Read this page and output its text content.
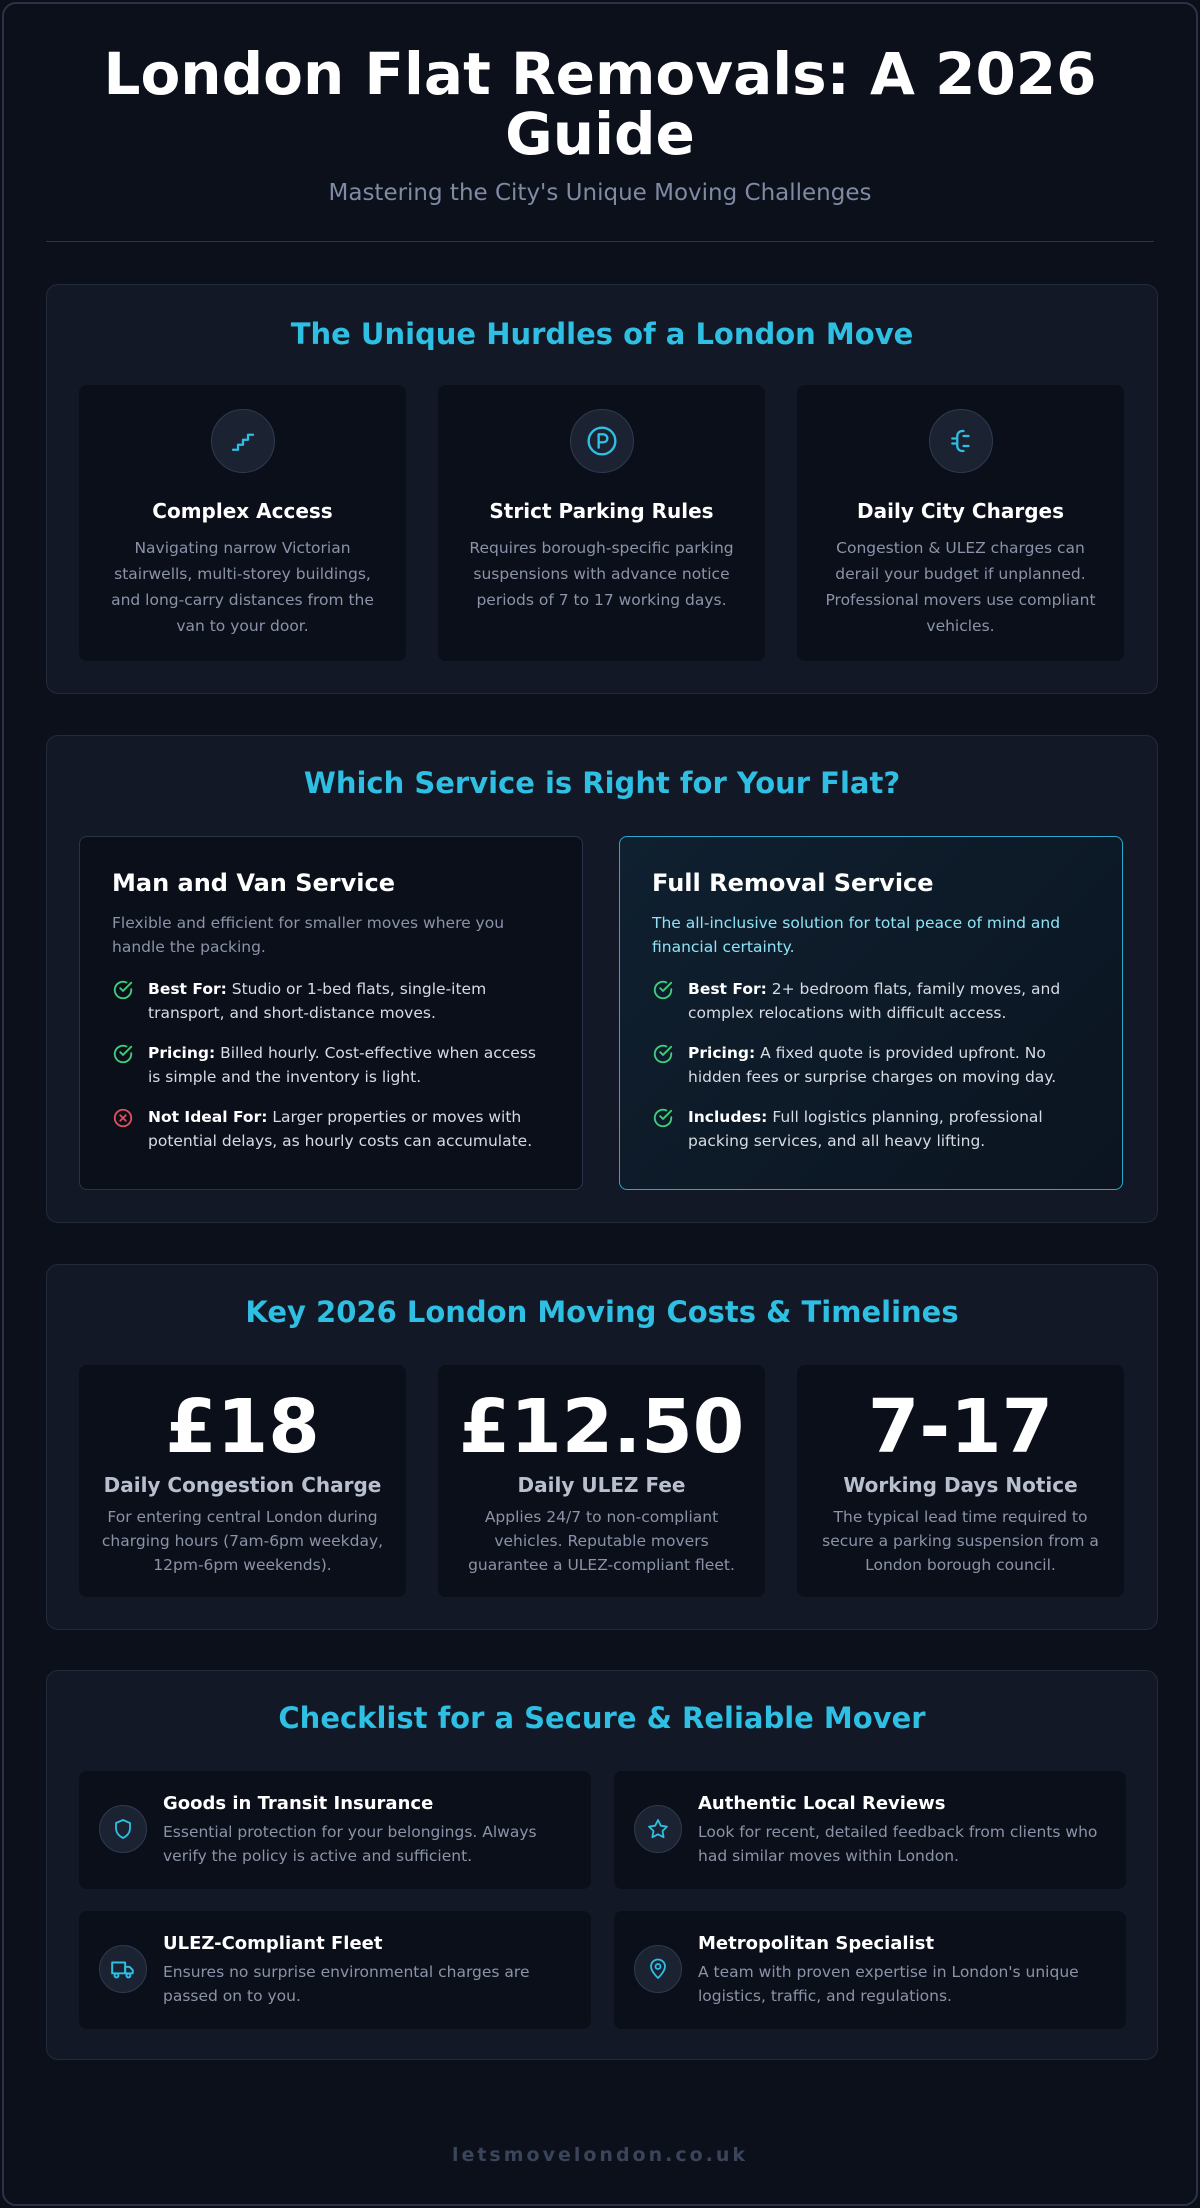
London Flat Removals: A 2026 Guide
Mastering the City's Unique Moving Challenges
The Unique Hurdles of a London Move
Complex Access

Navigating narrow Victorian stairwells, multi-storey buildings, and long-carry distances from the van to your door.

Strict Parking Rules

Requires borough-specific parking suspensions with advance notice periods of 7 to 17 working days.

Daily City Charges

Congestion & ULEZ charges can derail your budget if unplanned. Professional movers use compliant vehicles.

Which Service is Right for Your Flat?
Man and Van Service

Flexible and efficient for smaller moves where you handle the packing.

Best For: Studio or 1-bed flats, single-item transport, and short-distance moves.
Pricing: Billed hourly. Cost-effective when access is simple and the inventory is light.
Not Ideal For: Larger properties or moves with potential delays, as hourly costs can accumulate.
Full Removal Service

The all-inclusive solution for total peace of mind and financial certainty.

Best For: 2+ bedroom flats, family moves, and complex relocations with difficult access.
Pricing: A fixed quote is provided upfront. No hidden fees or surprise charges on moving day.
Includes: Full logistics planning, professional packing services, and all heavy lifting.
Key 2026 London Moving Costs & Timelines
£18
Daily Congestion Charge

For entering central London during charging hours (7am-6pm weekday, 12pm-6pm weekends).

£12.50
Daily ULEZ Fee

Applies 24/7 to non-compliant vehicles. Reputable movers guarantee a ULEZ-compliant fleet.

7-17
Working Days Notice

The typical lead time required to secure a parking suspension from a London borough council.

Checklist for a Secure & Reliable Mover
Goods in Transit Insurance

Essential protection for your belongings. Always verify the policy is active and sufficient.

Authentic Local Reviews

Look for recent, detailed feedback from clients who had similar moves within London.

ULEZ-Compliant Fleet

Ensures no surprise environmental charges are passed on to you.

Metropolitan Specialist

A team with proven expertise in London's unique logistics, traffic, and regulations.

letsmovelondon.co.uk
